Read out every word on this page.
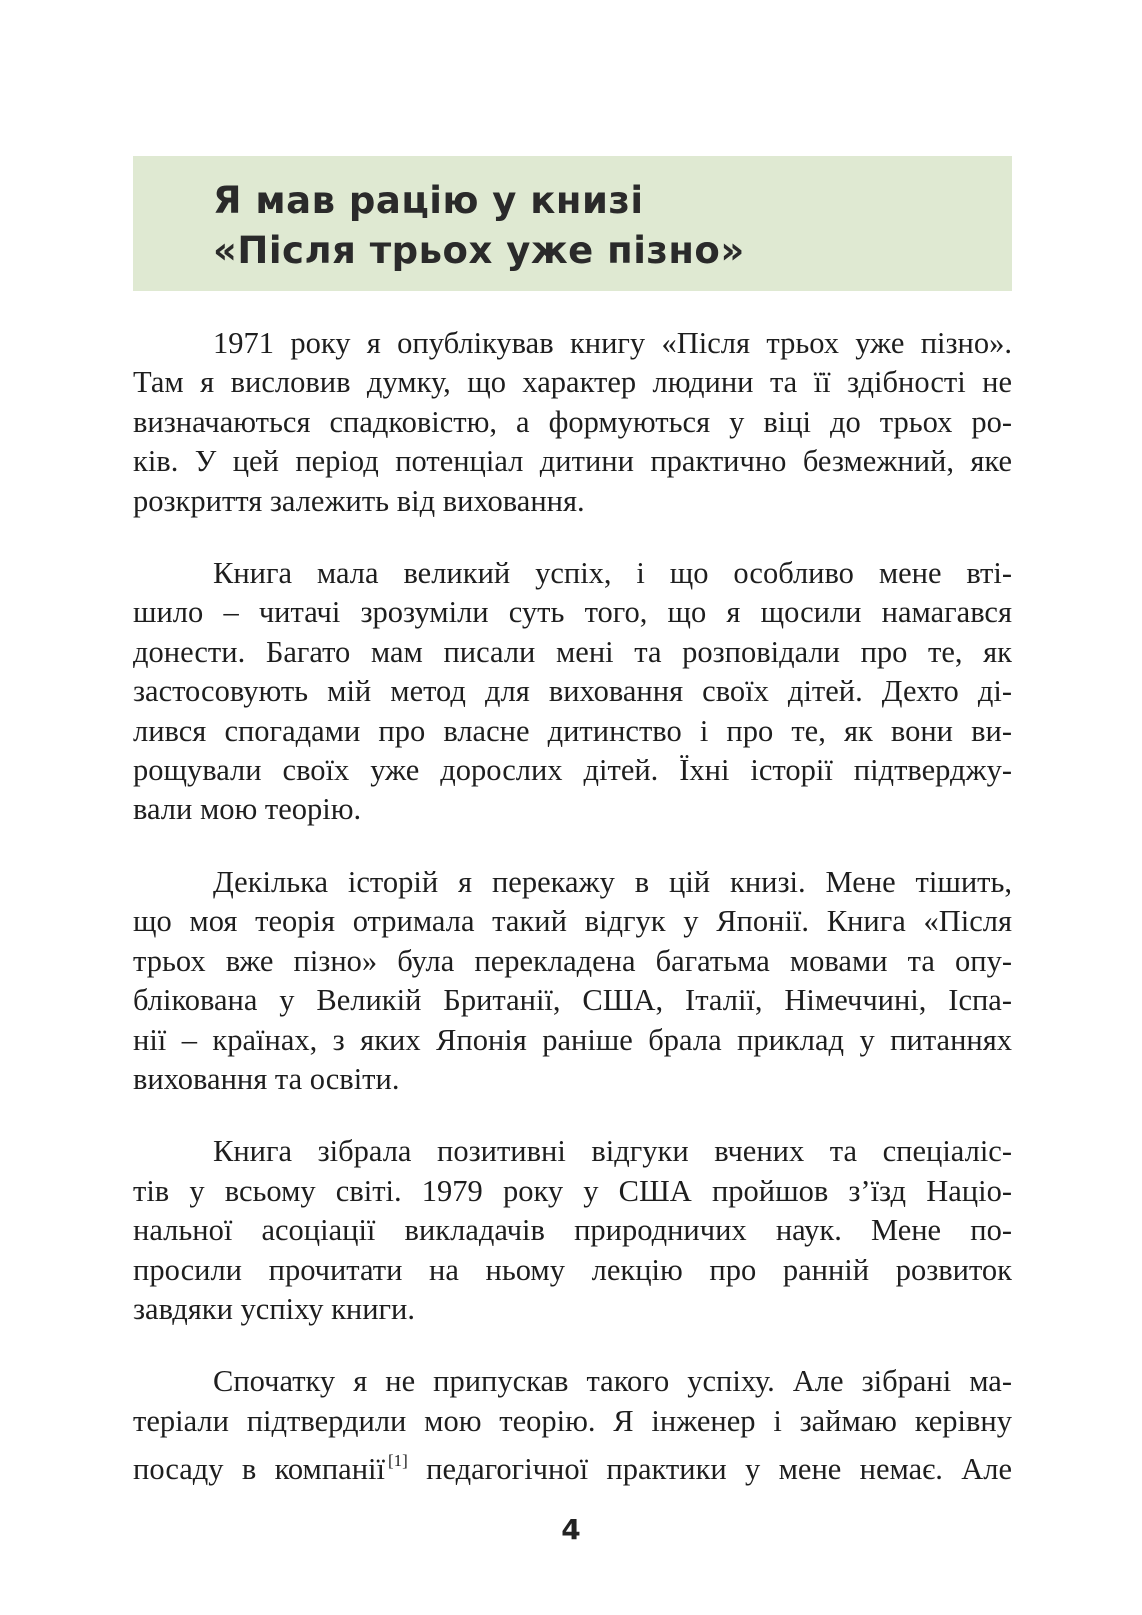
Я мав рацію у книзі
«Після трьох уже пізно»

1971 року я опублікував книгу «Після трьох уже пізно».
Там я висловив думку, що характер людини та її здібності не
визначаються спадковістю, а формуються у віці до трьох ро-
ків. У цей період потенціал дитини практично безмежний, яке
розкриття залежить від виховання.

Книга мала великий успіх, і що особливо мене вті-
шило – читачі зрозуміли суть того, що я щосили намагався
донести. Багато мам писали мені та розповідали про те, як
застосовують мій метод для виховання своїх дітей. Дехто ді-
лився спогадами про власне дитинство і про те, як вони ви-
рощували своїх уже дорослих дітей. Їхні історії підтверджу-
вали мою теорію.

Декілька історій я перекажу в цій книзі. Мене тішить,
що моя теорія отримала такий відгук у Японії. Книга «Після
трьох вже пізно» була перекладена багатьма мовами та опу-
блікована у Великій Британії, США, Італії, Німеччині, Іспа-
нії – країнах, з яких Японія раніше брала приклад у питаннях
виховання та освіти.

Книга зібрала позитивні відгуки вчених та спеціаліс-
тів у всьому світі. 1979 року у США пройшов з’їзд Націо-
нальної асоціації викладачів природничих наук. Мене по-
просили прочитати на ньому лекцію про ранній розвиток
завдяки успіху книги.

Спочатку я не припускав такого успіху. Але зібрані ма-
теріали підтвердили мою теорію. Я інженер і займаю керівну
посаду в компанії [1] педагогічної практики у мене немає. Але

4
